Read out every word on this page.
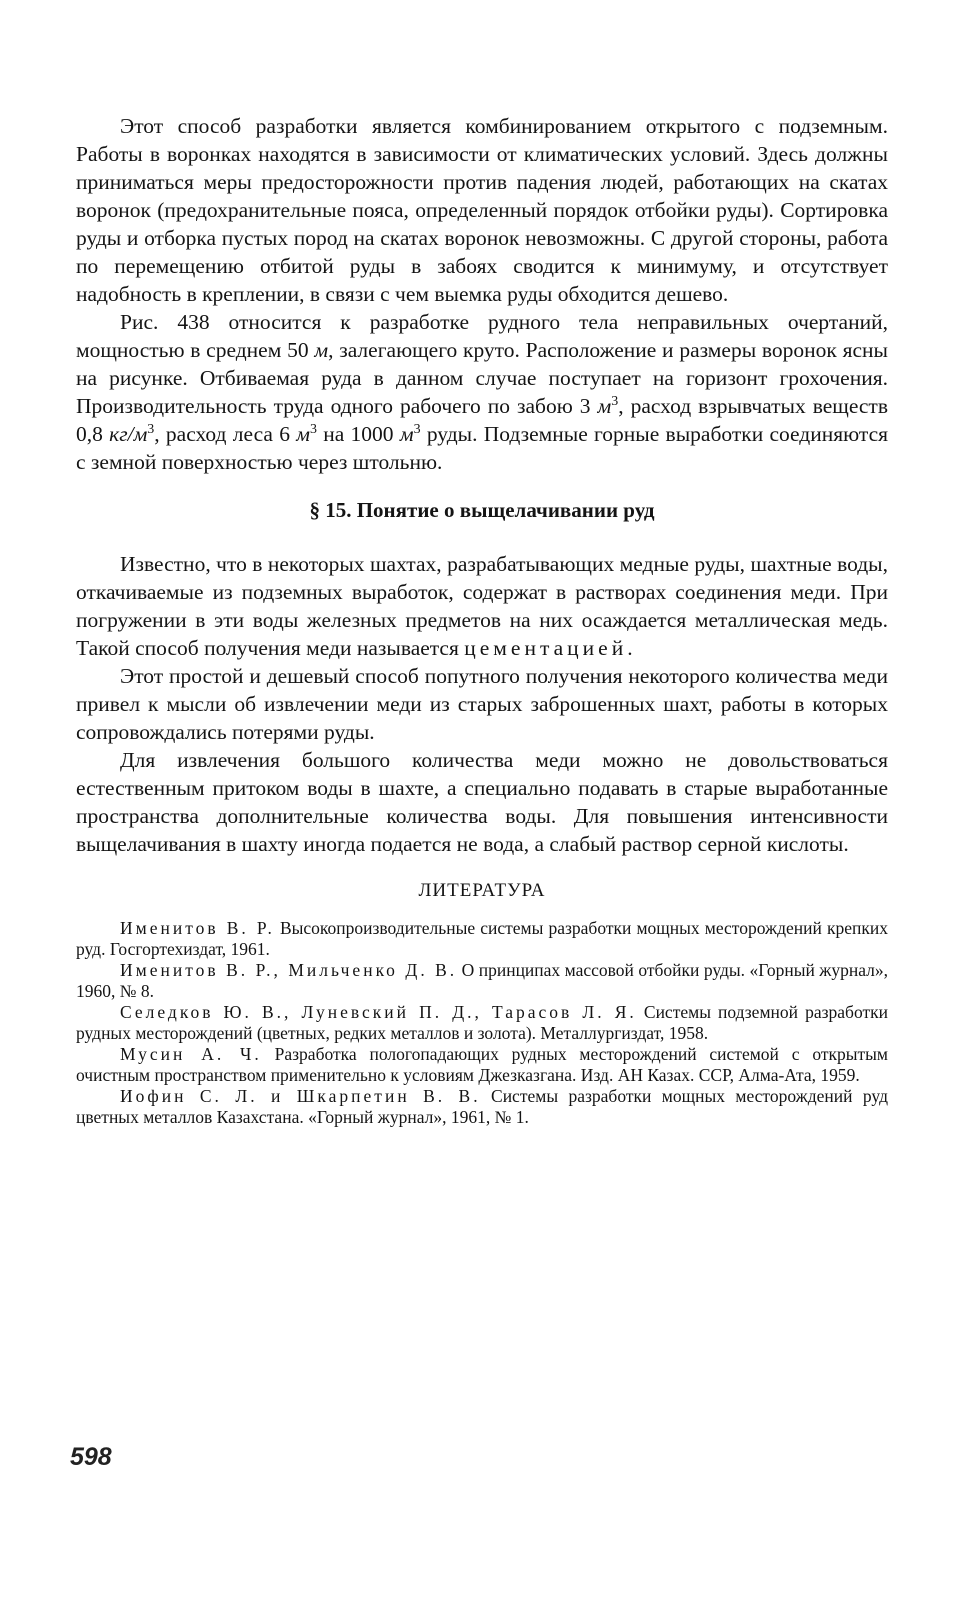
Этот способ разработки является комбинированием открытого с подземным. Работы в воронках находятся в зависимости от климатических условий. Здесь должны приниматься меры предосторожности против падения людей, работающих на скатах воронок (предохранительные пояса, определенный порядок отбойки руды). Сортировка руды и отборка пустых пород на скатах воронок невозможны. С другой стороны, работа по перемещению отбитой руды в забоях сводится к минимуму, и отсутствует надобность в креплении, в связи с чем выемка руды обходится дешево.

Рис. 438 относится к разработке рудного тела неправильных очертаний, мощностью в среднем 50 м, залегающего круто. Расположение и размеры воронок ясны на рисунке. Отбиваемая руда в данном случае поступает на горизонт грохочения. Производительность труда одного рабочего по забою 3 $м^3$, расход взрывчатых веществ 0,8 $кг/м^3$, расход леса 6 $м^3$ на 1000 $м^3$ руды. Подземные горные выработки соединяются с земной поверхностью через штольню.

§ 15. Понятие о выщелачивании руд

Известно, что в некоторых шахтах, разрабатывающих медные руды, шахтные воды, откачиваемые из подземных выработок, содержат в растворах соединения меди. При погружении в эти воды железных предметов на них осаждается металлическая медь. Такой способ получения меди называется цементацией.

Этот простой и дешевый способ попутного получения некоторого количества меди привел к мысли об извлечении меди из старых заброшенных шахт, работы в которых сопровождались потерями руды.

Для извлечения большого количества меди можно не довольствоваться естественным притоком воды в шахте, а специально подавать в старые выработанные пространства дополнительные количества воды. Для повышения интенсивности выщелачивания в шахту иногда подается не вода, а слабый раствор серной кислоты.

ЛИТЕРАТУРА

Именитов В. Р. Высокопроизводительные системы разработки мощных месторождений крепких руд. Госгортехиздат, 1961.

Именитов В. Р., Мильченко Д. В. О принципах массовой отбойки руды. «Горный журнал», 1960, № 8.

Селедков Ю. В., Луневский П. Д., Тарасов Л. Я. Системы подземной разработки рудных месторождений (цветных, редких металлов и золота). Металлургиздат, 1958.

Мусин А. Ч. Разработка пологопадающих рудных месторождений системой с открытым очистным пространством применительно к условиям Джезказгана. Изд. АН Казах. ССР, Алма-Ата, 1959.

Иофин С. Л. и Шкарпетин В. В. Системы разработки мощных месторождений руд цветных металлов Казахстана. «Горный журнал», 1961, № 1.

598
